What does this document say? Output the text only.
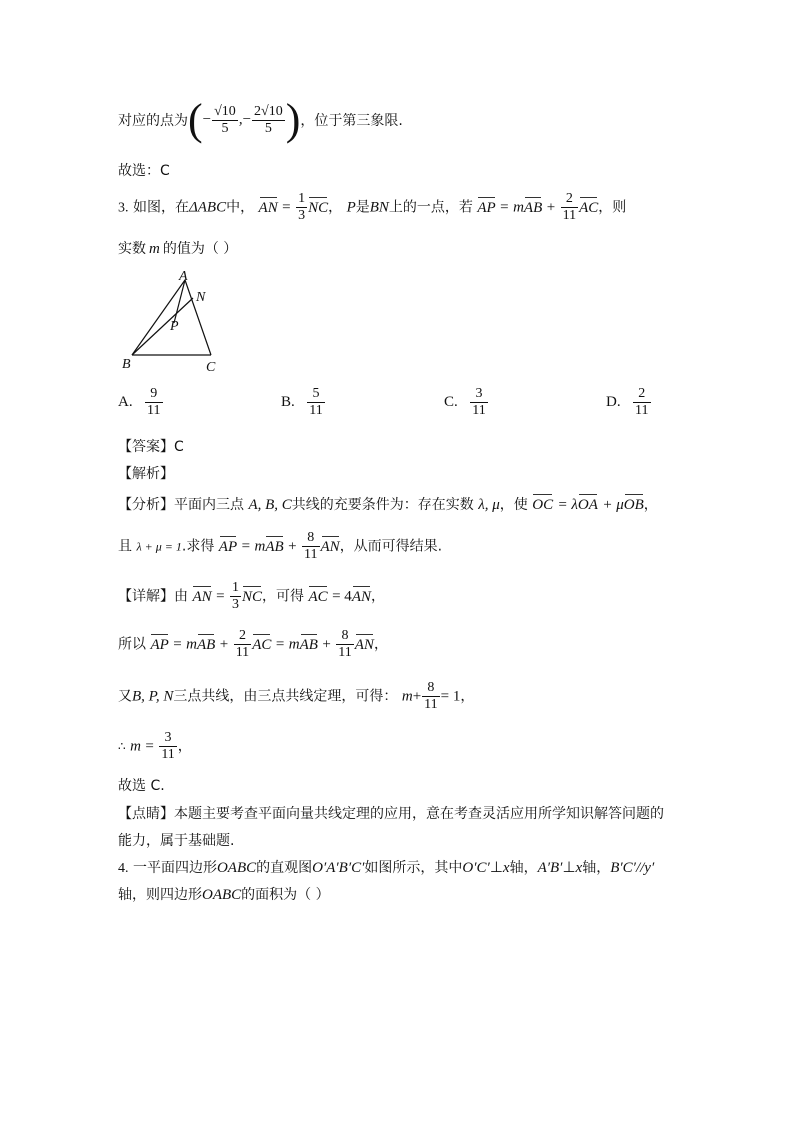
对应的点为(− $\frac{√10}{5}$ ,− $\frac{2√10}{5}$ )，位于第三象限.
故选：C
3. 如图，在ΔABC中， AN = $\frac{1}{3}$ NC， P是BN上的一点，若 AP = mAB + $\frac{2}{11}$ AC，则
实数 m 的值为（ ）
A
N
P
B	C
A. $\frac{9}{11}$	B. $\frac{5}{11}$	C. $\frac{3}{11}$	D. $\frac{2}{11}$
【答案】C
【解析】
【分析】平面内三点 A, B, C共线的充要条件为：存在实数 λ, μ，使 OC = λOA + μOB，
且 λ + μ = 1.求得 AP = mAB + $\frac{8}{11}$ AN，从而可得结果.
【详解】由 AN = $\frac{1}{3}$ NC，可得 AC = 4AN，
所以 AP = mAB + $\frac{2}{11}$ AC = mAB + $\frac{8}{11}$ AN，
又B, P, N三点共线，由三点共线定理，可得： $m+ \frac{8}{11} = 1$，
∴ $m = \frac{3}{11}$ ，
故选 C.
【点睛】本题主要考查平面向量共线定理的应用，意在考查灵活应用所学知识解答问题的
能力，属于基础题.
4. 一平面四边形OABC的直观图O′A′B′C′如图所示，其中O′C′⊥x轴，A′B′⊥x轴，B′C′//y′
轴，则四边形OABC的面积为（ ）
